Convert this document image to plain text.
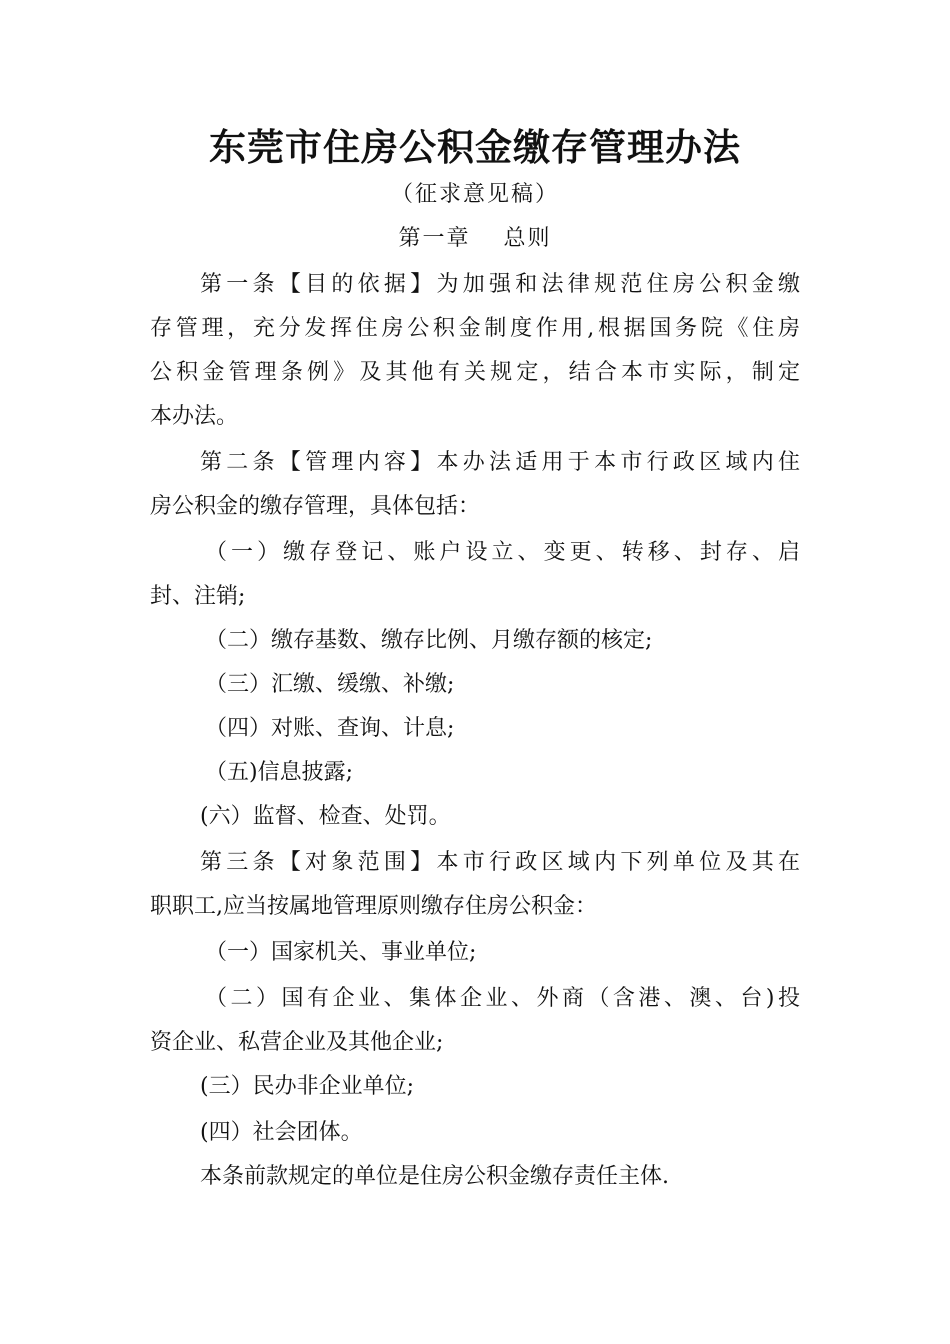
东莞市住房公积金缴存管理办法
（征求意见稿）
第一章　 总则
第一条【目的依据】为加强和法律规范住房公积金缴
存管理，充分发挥住房公积金制度作用,根据国务院《住房
公积金管理条例》及其他有关规定，结合本市实际，制定
本办法。
第二条【管理内容】本办法适用于本市行政区域内住
房公积金的缴存管理，具体包括：
（一）缴存登记、账户设立、变更、转移、封存、启
封、注销;
（二）缴存基数、缴存比例、月缴存额的核定;
（三）汇缴、缓缴、补缴;
（四）对账、查询、计息;
（五)信息披露;
(六）监督、检查、处罚。
第三条【对象范围】本市行政区域内下列单位及其在
职职工,应当按属地管理原则缴存住房公积金：
（一）国家机关、事业单位;
（二）国有企业、集体企业、外商（含港、澳、台)投
资企业、私营企业及其他企业;
(三）民办非企业单位;
(四）社会团体。
本条前款规定的单位是住房公积金缴存责任主体.
